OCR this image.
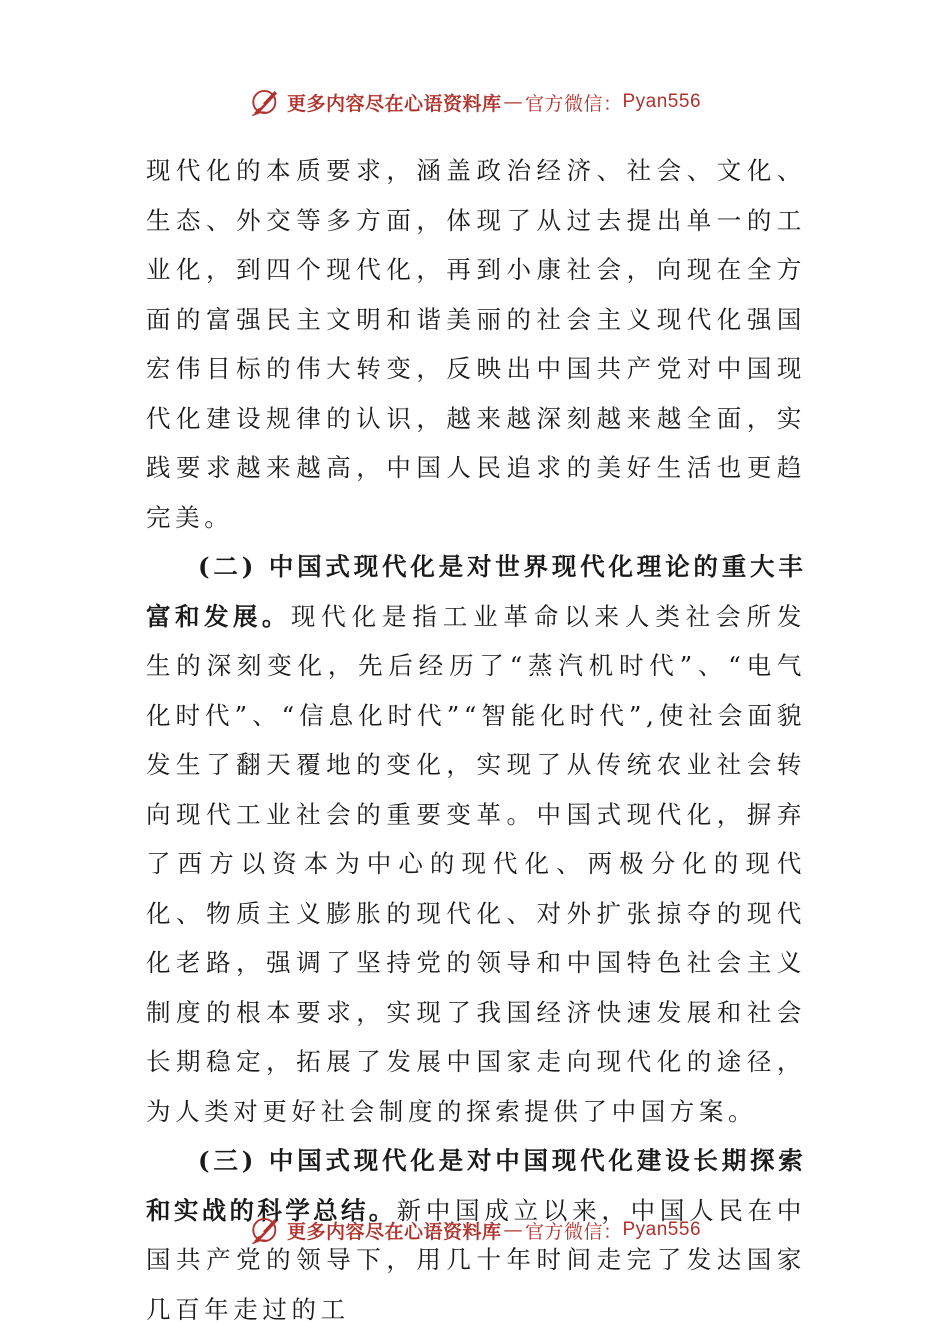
更多内容尽在心语资料库 — 官方微信： Pyan556

现代化的本质要求，涵盖政治经济、社会、文化、生态、外交等多方面，体现了从过去提出单一的工业化，到四个现代化，再到小康社会，向现在全方面的富强民主文明和谐美丽的社会主义现代化强国宏伟目标的伟大转变，反映出中国共产党对中国现代化建设规律的认识，越来越深刻越来越全面，实践要求越来越高，中国人民追求的美好生活也更趋完美。

(二) 中国式现代化是对世界现代化理论的重大丰富和发展。现代化是指工业革命以来人类社会所发生的深刻变化，先后经历了“蒸汽机时代”、“电气化时代”、“信息化时代”“智能化时代”,使社会面貌发生了翻天覆地的变化，实现了从传统农业社会转向现代工业社会的重要变革。中国式现代化，摒弃了西方以资本为中心的现代化、两极分化的现代化、物质主义膨胀的现代化、对外扩张掠夺的现代化老路，强调了坚持党的领导和中国特色社会主义制度的根本要求，实现了我国经济快速发展和社会长期稳定，拓展了发展中国家走向现代化的途径，为人类对更好社会制度的探索提供了中国方案。

(三) 中国式现代化是对中国现代化建设长期探索和实战的科学总结。新中国成立以来，中国人民在中国共产党的领导下，用几十年时间走完了发达国家几百年走过的工

更多内容尽在心语资料库 — 官方微信： Pyan556
